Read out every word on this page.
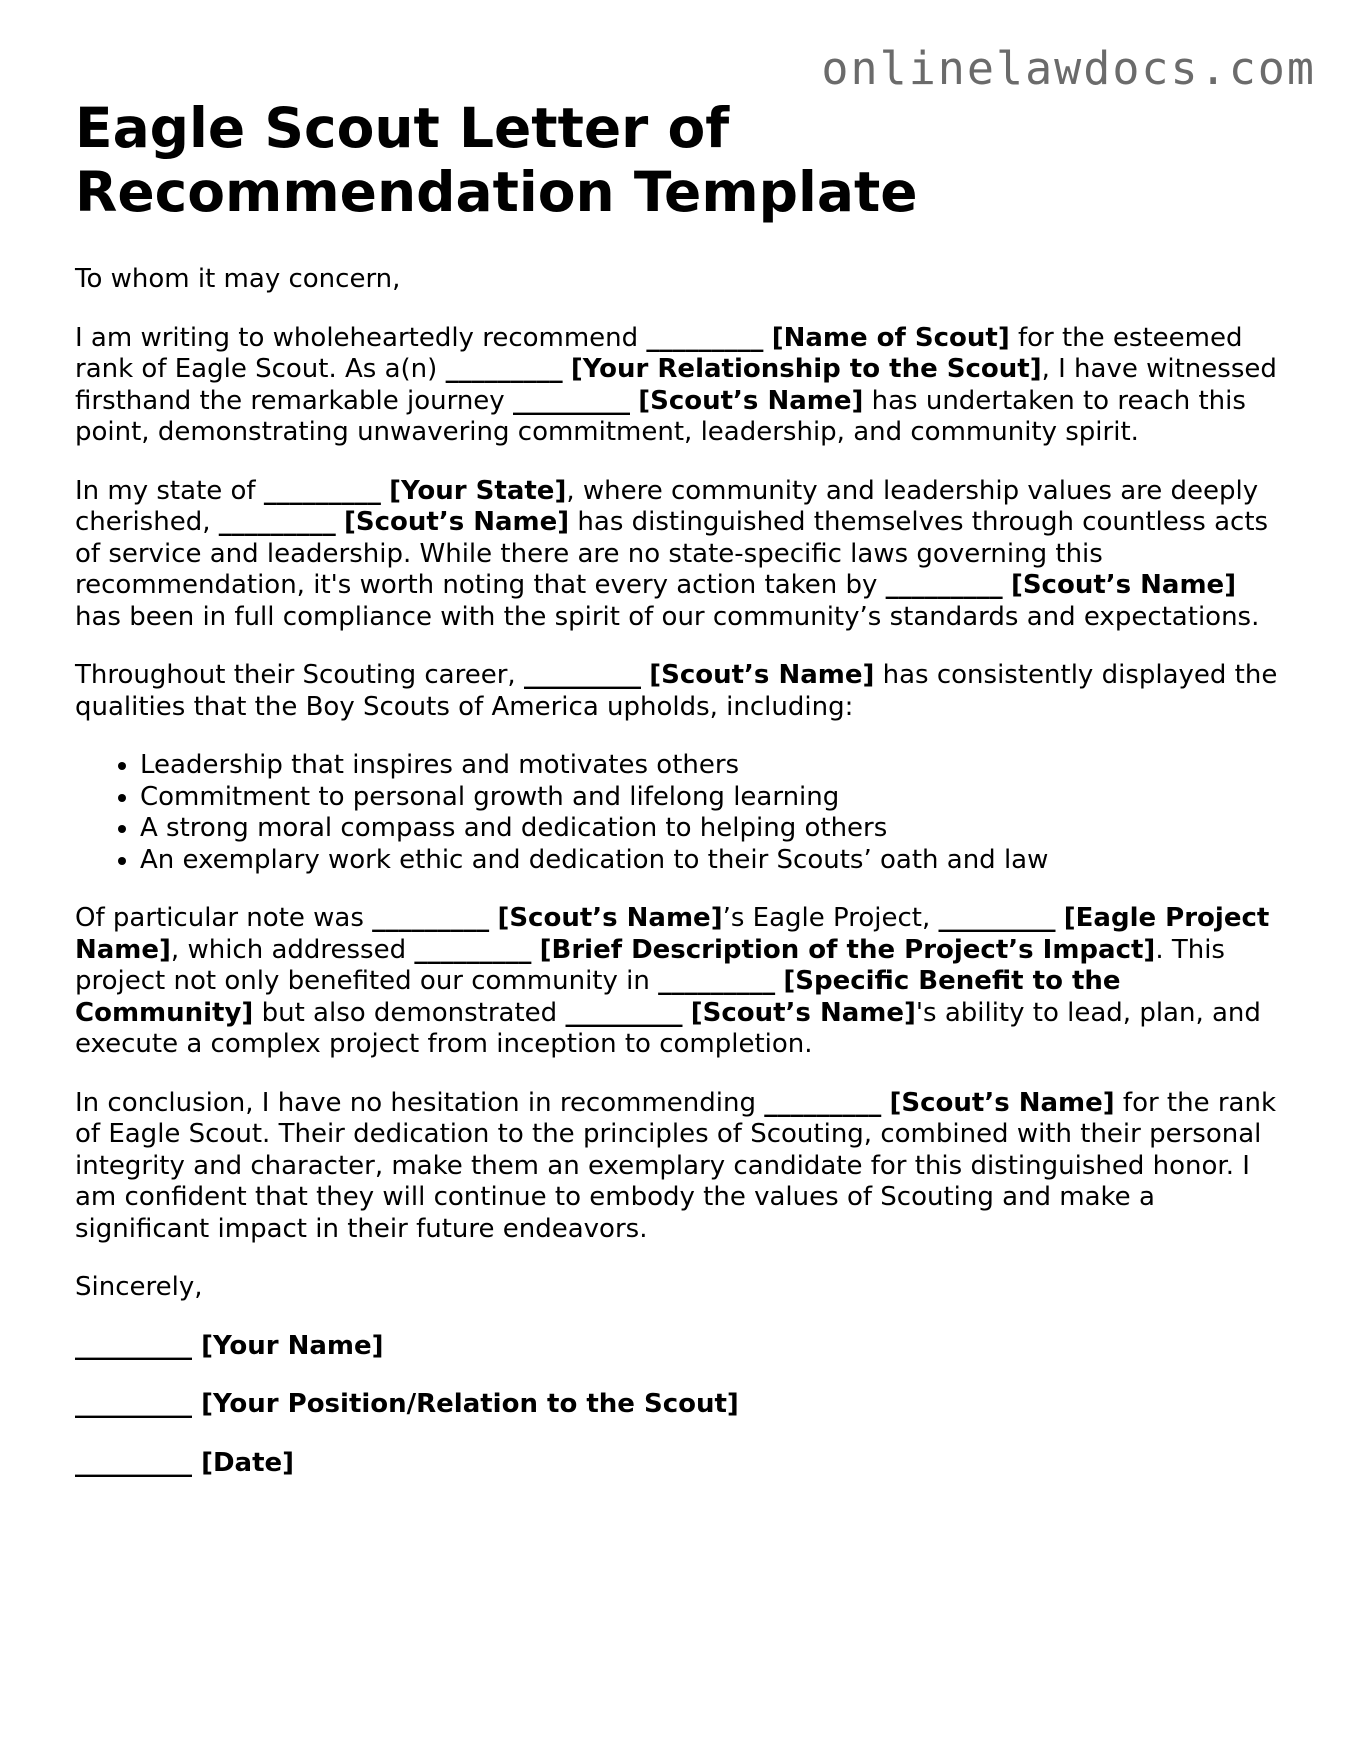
onlinelawdocs.com
Eagle Scout Letter of Recommendation Template

To whom it may concern,

I am writing to wholeheartedly recommend _________ [Name of Scout] for the esteemed rank of Eagle Scout. As a(n) _________ [Your Relationship to the Scout], I have witnessed firsthand the remarkable journey _________ [Scout’s Name] has undertaken to reach this point, demonstrating unwavering commitment, leadership, and community spirit.

In my state of _________ [Your State], where community and leadership values are deeply cherished, _________ [Scout’s Name] has distinguished themselves through countless acts of service and leadership. While there are no state-specific laws governing this recommendation, it's worth noting that every action taken by _________ [Scout’s Name] has been in full compliance with the spirit of our community’s standards and expectations.

Throughout their Scouting career, _________ [Scout’s Name] has consistently displayed the qualities that the Boy Scouts of America upholds, including:

• Leadership that inspires and motivates others
• Commitment to personal growth and lifelong learning
• A strong moral compass and dedication to helping others
• An exemplary work ethic and dedication to their Scouts’ oath and law

Of particular note was _________ [Scout’s Name]’s Eagle Project, _________ [Eagle Project Name], which addressed _________ [Brief Description of the Project’s Impact]. This project not only benefited our community in _________ [Specific Benefit to the Community] but also demonstrated _________ [Scout’s Name]'s ability to lead, plan, and execute a complex project from inception to completion.

In conclusion, I have no hesitation in recommending _________ [Scout’s Name] for the rank of Eagle Scout. Their dedication to the principles of Scouting, combined with their personal integrity and character, make them an exemplary candidate for this distinguished honor. I am confident that they will continue to embody the values of Scouting and make a significant impact in their future endeavors.

Sincerely,

_________ [Your Name]
_________ [Your Position/Relation to the Scout]
_________ [Date]
